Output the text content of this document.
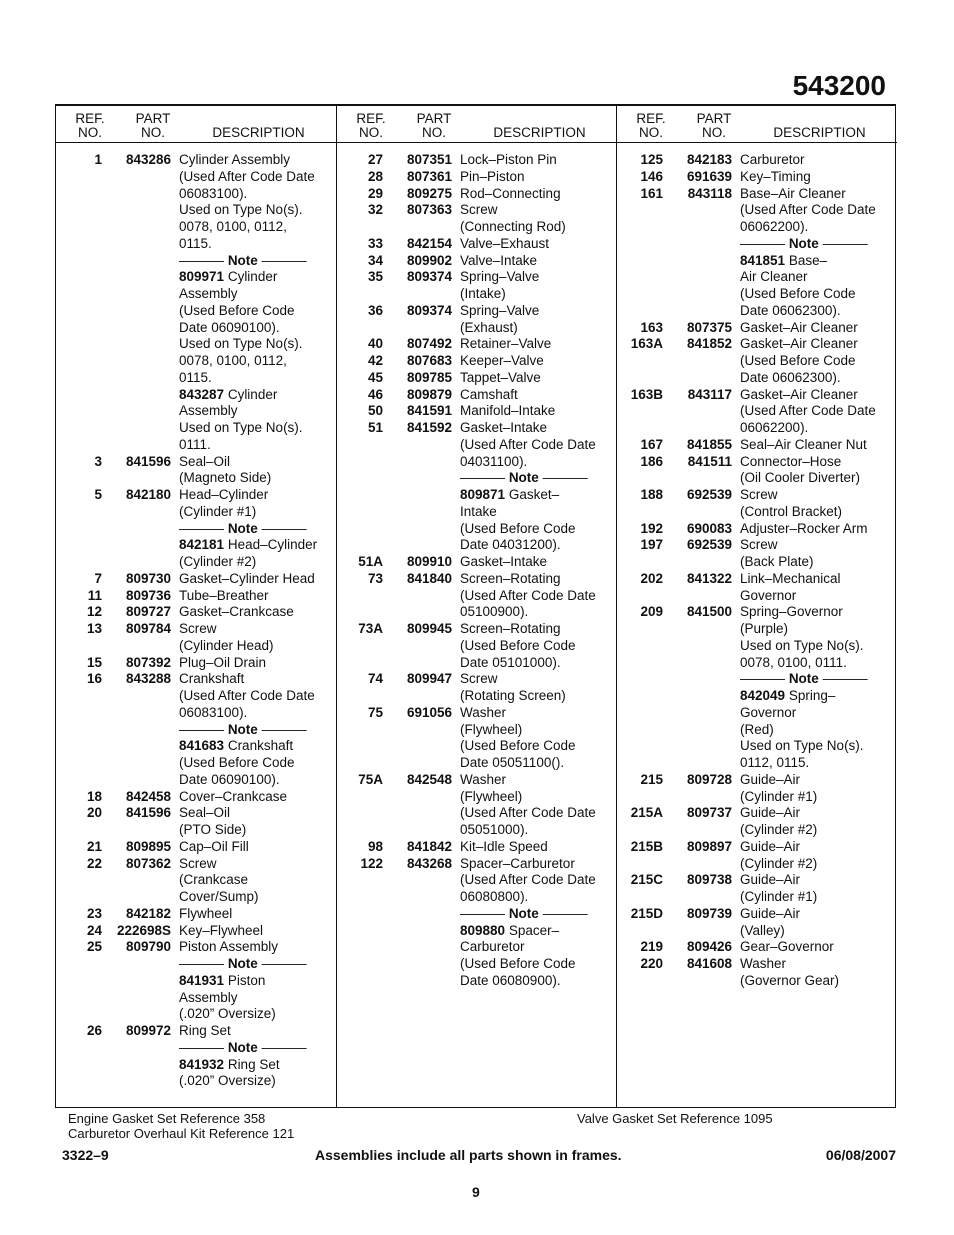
543200
REF.
NO.
PART
NO.	DESCRIPTION
1	843286 Cylinder Assembly
(Used After Code Date
06083100).
Used on Type No(s).
0078, 0100, 0112,
0115.
–––––– Note ––––––
809971 Cylinder
Assembly
(Used Before Code
Date 06090100).
Used on Type No(s).
0078, 0100, 0112,
0115.
843287 Cylinder
Assembly
Used on Type No(s).
0111.
3	841596 Seal–Oil
(Magneto Side)
5	842180 Head–Cylinder
(Cylinder #1)
–––––– Note ––––––
842181 Head–Cylinder
(Cylinder #2)
7	809730 Gasket–Cylinder Head
11	809736 Tube–Breather
12	809727 Gasket–Crankcase
13	809784 Screw
(Cylinder Head)
15	807392 Plug–Oil Drain
16	843288 Crankshaft
(Used After Code Date
06083100).
–––––– Note ––––––
841683 Crankshaft
(Used Before Code
Date 06090100).
18	842458 Cover–Crankcase
20	841596 Seal–Oil
(PTO Side)
21	809895 Cap–Oil Fill
22	807362 Screw
(Crankcase
Cover/Sump)
23	842182 Flywheel
24	222698S Key–Flywheel
25	809790 Piston Assembly
–––––– Note ––––––
841931 Piston
Assembly
(.020” Oversize)
26	809972 Ring Set
–––––– Note ––––––
841932 Ring Set
(.020” Oversize)
REF.
NO.
PART
NO.	DESCRIPTION
27	807351 Lock–Piston Pin
28	807361 Pin–Piston
29	809275 Rod–Connecting
32	807363 Screw
(Connecting Rod)
33	842154 Valve–Exhaust
34	809902 Valve–Intake
35	809374 Spring–Valve
(Intake)
36	809374 Spring–Valve
(Exhaust)
40	807492 Retainer–Valve
42	807683 Keeper–Valve
45	809785 Tappet–Valve
46	809879 Camshaft
50	841591 Manifold–Intake
51	841592 Gasket–Intake
(Used After Code Date
04031100).
–––––– Note ––––––
809871 Gasket–
Intake
(Used Before Code
Date 04031200).
51A	809910 Gasket–Intake
73	841840 Screen–Rotating
(Used After Code Date
05100900).
73A	809945 Screen–Rotating
(Used Before Code
Date 05101000).
74	809947 Screw
(Rotating Screen)
75	691056 Washer
(Flywheel)
(Used Before Code
Date 05051100().
75A	842548 Washer
(Flywheel)
(Used After Code Date
05051000).
98	841842 Kit–Idle Speed
122	843268 Spacer–Carburetor
(Used After Code Date
06080800).
–––––– Note ––––––
809880 Spacer–
Carburetor
(Used Before Code
Date 06080900).
REF.
NO.
PART
NO.	DESCRIPTION
125	842183 Carburetor
146	691639 Key–Timing
161	843118 Base–Air Cleaner
(Used After Code Date
06062200).
–––––– Note ––––––
841851 Base–
Air Cleaner
(Used Before Code
Date 06062300).
163	807375 Gasket–Air Cleaner
163A	841852 Gasket–Air Cleaner
(Used Before Code
Date 06062300).
163B	843117 Gasket–Air Cleaner
(Used After Code Date
06062200).
167	841855 Seal–Air Cleaner Nut
186	841511 Connector–Hose
(Oil Cooler Diverter)
188	692539 Screw
(Control Bracket)
192	690083 Adjuster–Rocker Arm
197	692539 Screw
(Back Plate)
202	841322 Link–Mechanical
Governor
209	841500 Spring–Governor
(Purple)
Used on Type No(s).
0078, 0100, 0111.
–––––– Note ––––––
842049 Spring–
Governor
(Red)
Used on Type No(s).
0112, 0115.
215	809728 Guide–Air
(Cylinder #1)
215A	809737 Guide–Air
(Cylinder #2)
215B	809897 Guide–Air
(Cylinder #2)
215C	809738 Guide–Air
(Cylinder #1)
215D	809739 Guide–Air
(Valley)
219	809426 Gear–Governor
220	841608 Washer
(Governor Gear)
Engine Gasket Set Reference 358
Carburetor Overhaul Kit Reference 121
Valve Gasket Set Reference 1095
3322–9	Assemblies include all parts shown in frames.	06/08/2007
9
